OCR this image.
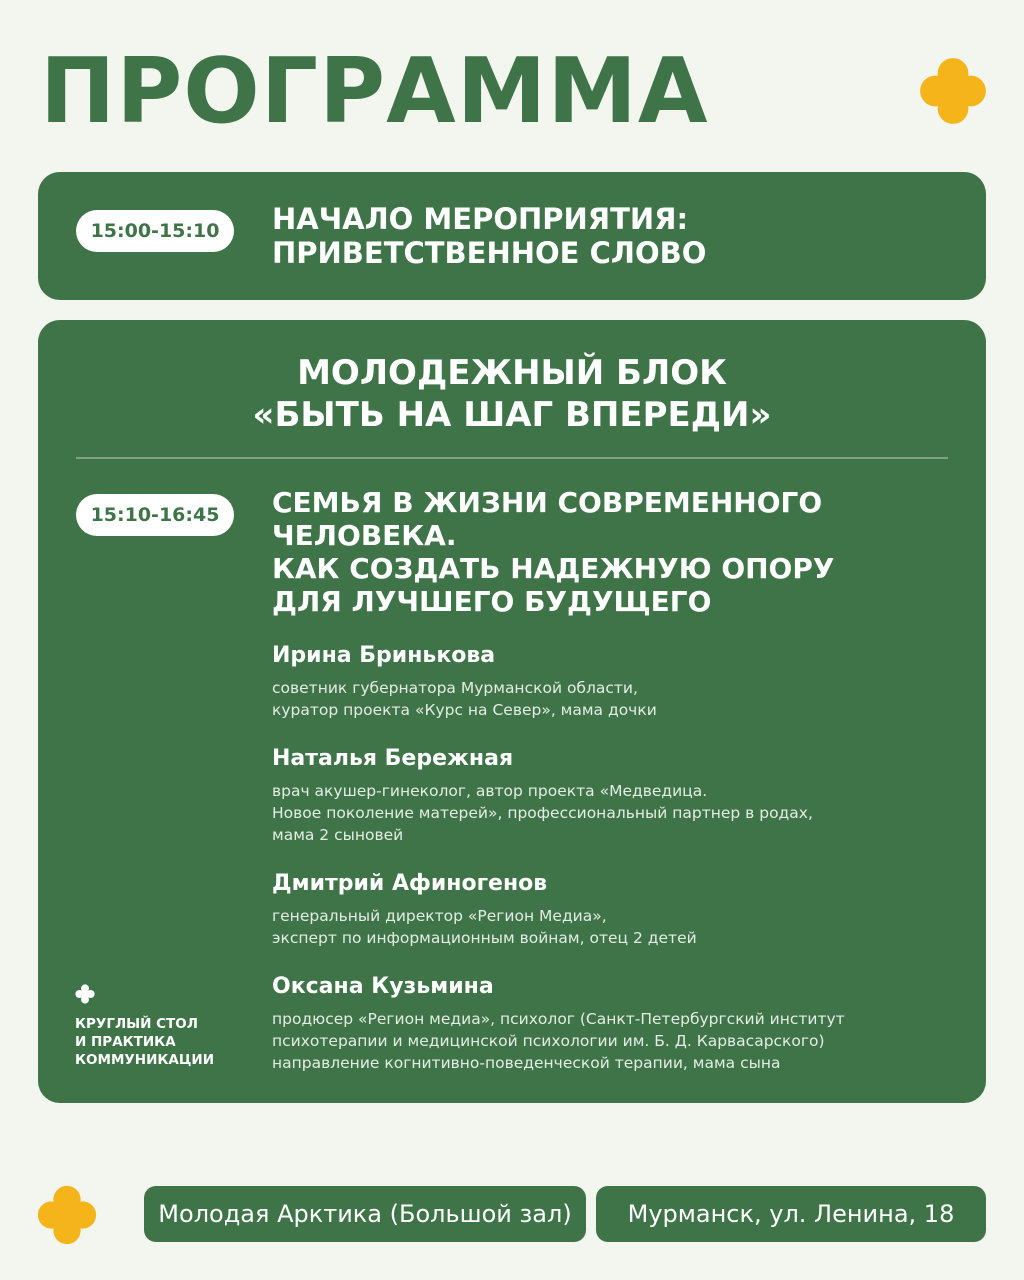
ПРОГРАММА
15:00-15:10	НАЧАЛО МЕРОПРИЯТИЯ:
ПРИВЕТСТВЕННОЕ СЛОВО
МОЛОДЕЖНЫЙ БЛОК
«БЫТЬ НА ШАГ ВПЕРЕДИ»
15:10-16:45	СЕМЬЯ В ЖИЗНИ СОВРЕМЕННОГО
ЧЕЛОВЕКА.
КАК СОЗДАТЬ НАДЕЖНУЮ ОПОРУ
ДЛЯ ЛУЧШЕГО БУДУЩЕГО
Ирина Бринькова
советник губернатора Мурманской области,
куратор проекта «Курс на Север», мама дочки
Наталья Бережная
врач акушер-гинеколог, автор проекта «Медведица.
Новое поколение матерей», профессиональный партнер в родах,
мама 2 сыновей
Дмитрий Афиногенов
генеральный директор «Регион Медиа»,
эксперт по информационным войнам, отец 2 детей
Оксана Кузьмина
продюсер «Регион медиа», психолог (Санкт-Петербургский институт
психотерапии и медицинской психологии им. Б. Д. Карвасарского)
направление когнитивно-поведенческой терапии, мама сына
КРУГЛЫЙ СТОЛ
И ПРАКТИКА
КОММУНИКАЦИИ
Молодая Арктика (Большой зал)	Мурманск, ул. Ленина, 18
